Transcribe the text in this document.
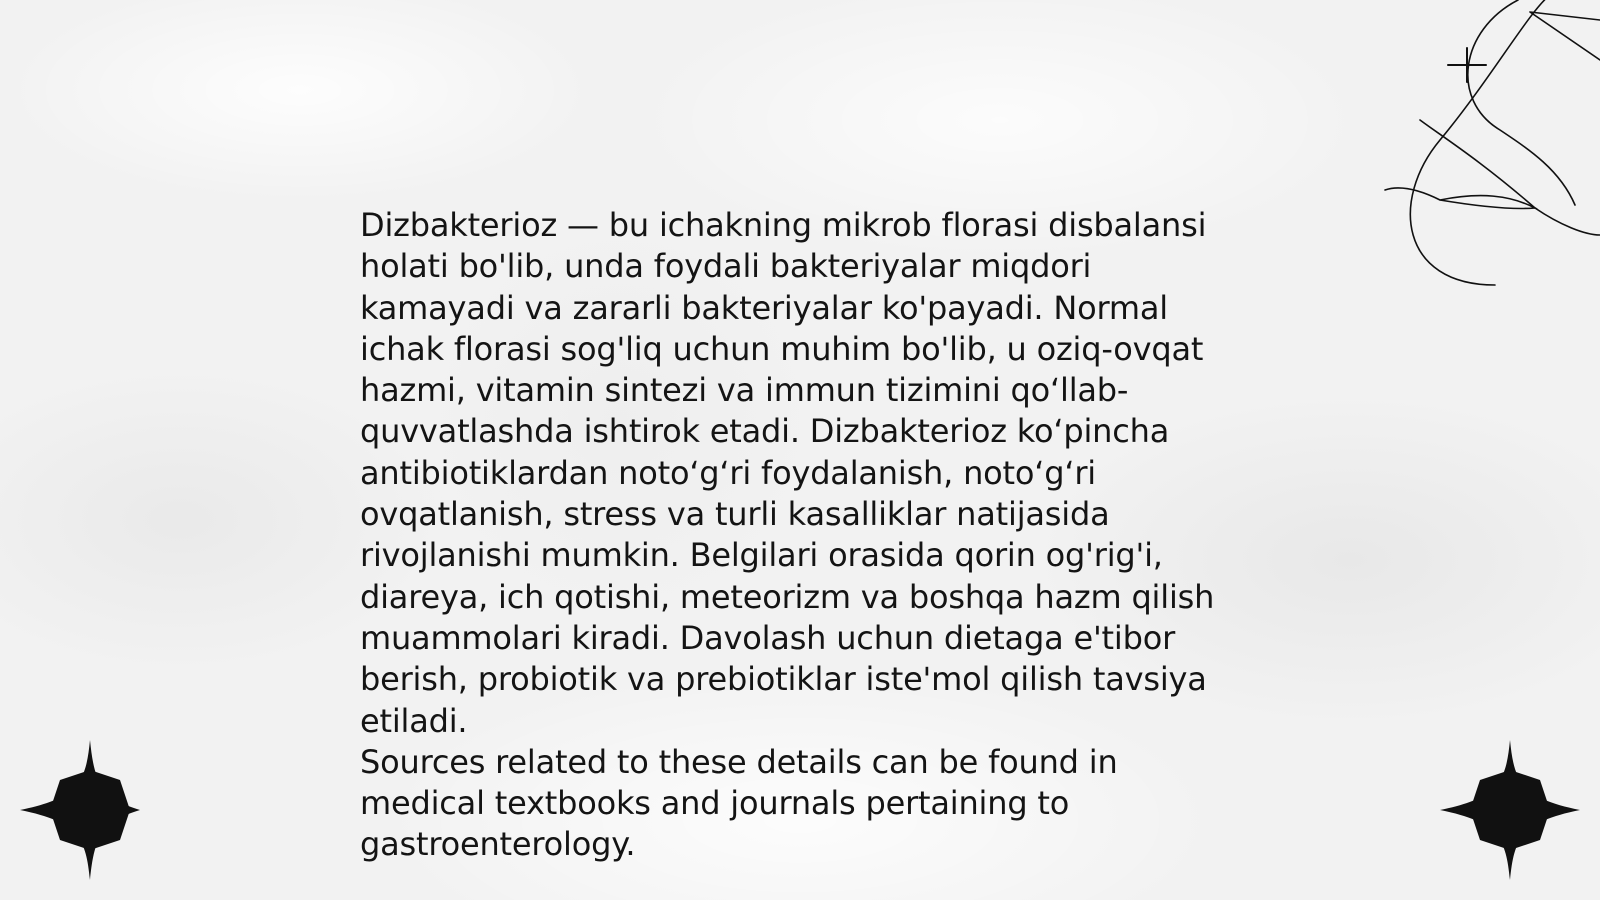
Dizbakterioz — bu ichakning mikrob florasi disbalansi holati bo'lib, unda foydali bakteriyalar miqdori kamayadi va zararli bakteriyalar ko'payadi. Normal ichak florasi sog'liq uchun muhim bo'lib, u oziq-ovqat hazmi, vitamin sintezi va immun tizimini qo‘llab-quvvatlashda ishtirok etadi. Dizbakterioz ko‘pincha antibiotiklardan noto‘g‘ri foydalanish, noto‘g‘ri ovqatlanish, stress va turli kasalliklar natijasida rivojlanishi mumkin. Belgilari orasida qorin og'rig'i, diareya, ich qotishi, meteorizm va boshqa hazm qilish muammolari kiradi. Davolash uchun dietaga e'tibor berish, probiotik va prebiotiklar iste'mol qilish tavsiya etiladi.

Sources related to these details can be found in medical textbooks and journals pertaining to gastroenterology.
